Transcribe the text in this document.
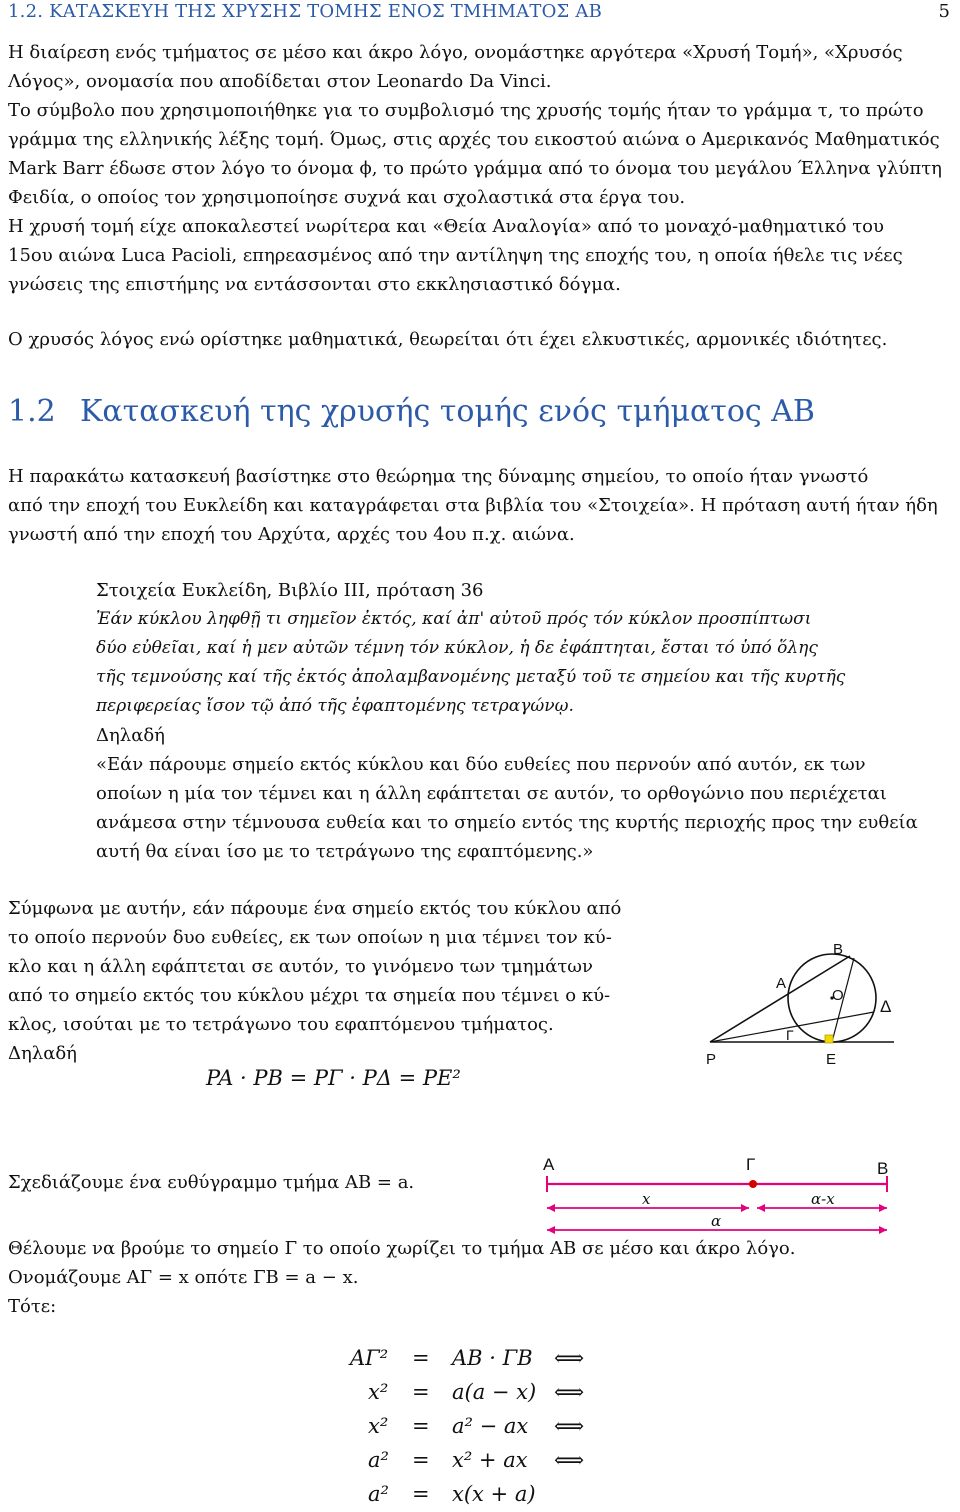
1.2. ΚΑΤΑΣΚΕΥΗ ΤΗΣ ΧΡΥΣΗΣ ΤΟΜΗΣ ΕΝΟΣ ΤΜΗΜΑΤΟΣ AB	5
Η διαίρεση ενός τμήματος σε μέσο και άκρο λόγο, ονομάστηκε αργότερα «Χρυσή Τομή», «Χρυσός
Λόγος», ονομασία που αποδίδεται στον Leonardo Da Vinci.
Το σύμβολο που χρησιμοποιήθηκε για το συμβολισμό της χρυσής τομής ήταν το γράμμα τ, το πρώτο
γράμμα της ελληνικής λέξης τομή. Όμως, στις αρχές του εικοστού αιώνα ο Αμερικανός Μαθηματικός
Mark Barr έδωσε στον λόγο το όνομα ϕ, το πρώτο γράμμα από το όνομα του μεγάλου Έλληνα γλύπτη
Φειδία, ο οποίος τον χρησιμοποίησε συχνά και σχολαστικά στα έργα του.
Η χρυσή τομή είχε αποκαλεστεί νωρίτερα και «Θεία Αναλογία» από το μοναχό-μαθηματικό του
15ου αιώνα Luca Pacioli, επηρεασμένος από την αντίληψη της εποχής του, η οποία ήθελε τις νέες
γνώσεις της επιστήμης να εντάσσονται στο εκκλησιαστικό δόγμα.
Ο χρυσός λόγος ενώ ορίστηκε μαθηματικά, θεωρείται ότι έχει ελκυστικές, αρμονικές ιδιότητες.
1.2 Κατασκευή της χρυσής τομής ενός τμήματος AB
Η παρακάτω κατασκευή βασίστηκε στο θεώρημα της δύναμης σημείου, το οποίο ήταν γνωστό
από την εποχή του Ευκλείδη και καταγράφεται στα βιβλία του «Στοιχεία». Η πρόταση αυτή ήταν ήδη
γνωστή από την εποχή του Αρχύτα, αρχές του 4ου π.χ. αιώνα.
Στοιχεία Ευκλείδη, Βιβλίο ΙΙΙ, πρόταση 36
Ἐάν κύκλου ληφθῇ τι σημεῖον ἐκτός, καί ἀπ' αὐτοῦ πρός τόν κύκλον προσπίπτωσι
δύο εὐθεῖαι, καί ἡ μεν αὐτῶν τέμνη τόν κύκλον, ἡ δε ἐφάπτηται, ἔσται τό ὑπό ὅλης
τῆς τεμνούσης καί τῆς ἐκτός ἀπολαμβανομένης μεταξύ τοῦ τε σημείου και τῆς κυρτῆς
περιφερείας ἴσον τῷ ἀπό τῆς ἐφαπτομένης τετραγώνῳ.
Δηλαδή
«Εάν πάρουμε σημείο εκτός κύκλου και δύο ευθείες που περνούν από αυτόν, εκ των
οποίων η μία τον τέμνει και η άλλη εφάπτεται σε αυτόν, το ορθογώνιο που περιέχεται
ανάμεσα στην τέμνουσα ευθεία και το σημείο εντός της κυρτής περιοχής προς την ευθεία
αυτή θα είναι ίσο με το τετράγωνο της εφαπτόμενης.»
Σύμφωνα με αυτήν, εάν πάρουμε ένα σημείο εκτός του κύκλου από
το οποίο περνούν δυο ευθείες, εκ των οποίων η μια τέμνει τον κύ-
κλο και η άλλη εφάπτεται σε αυτόν, το γινόμενο των τμημάτων
από το σημείο εκτός του κύκλου μέχρι τα σημεία που τέμνει ο κύ-
κλος, ισούται με το τετράγωνο του εφαπτόμενου τμήματος.
Δηλαδή
PA · PB = PΓ · PΔ = PE²
B
A
O
Δ
Γ
P	E
Σχεδιάζουμε ένα ευθύγραμμο τμήμα AB = a.
A	Γ	B
x	α-x
α
Θέλουμε να βρούμε το σημείο Γ το οποίο χωρίζει το τμήμα AB σε μέσο και άκρο λόγο.
Ονομάζουμε AΓ = x οπότε ΓB = a − x.
Τότε:
AΓ² = AB · ΓB ⟺
x² = a(a − x) ⟺
x² = a² − ax ⟺
a² = x² + ax ⟺
a² = x(x + a)
